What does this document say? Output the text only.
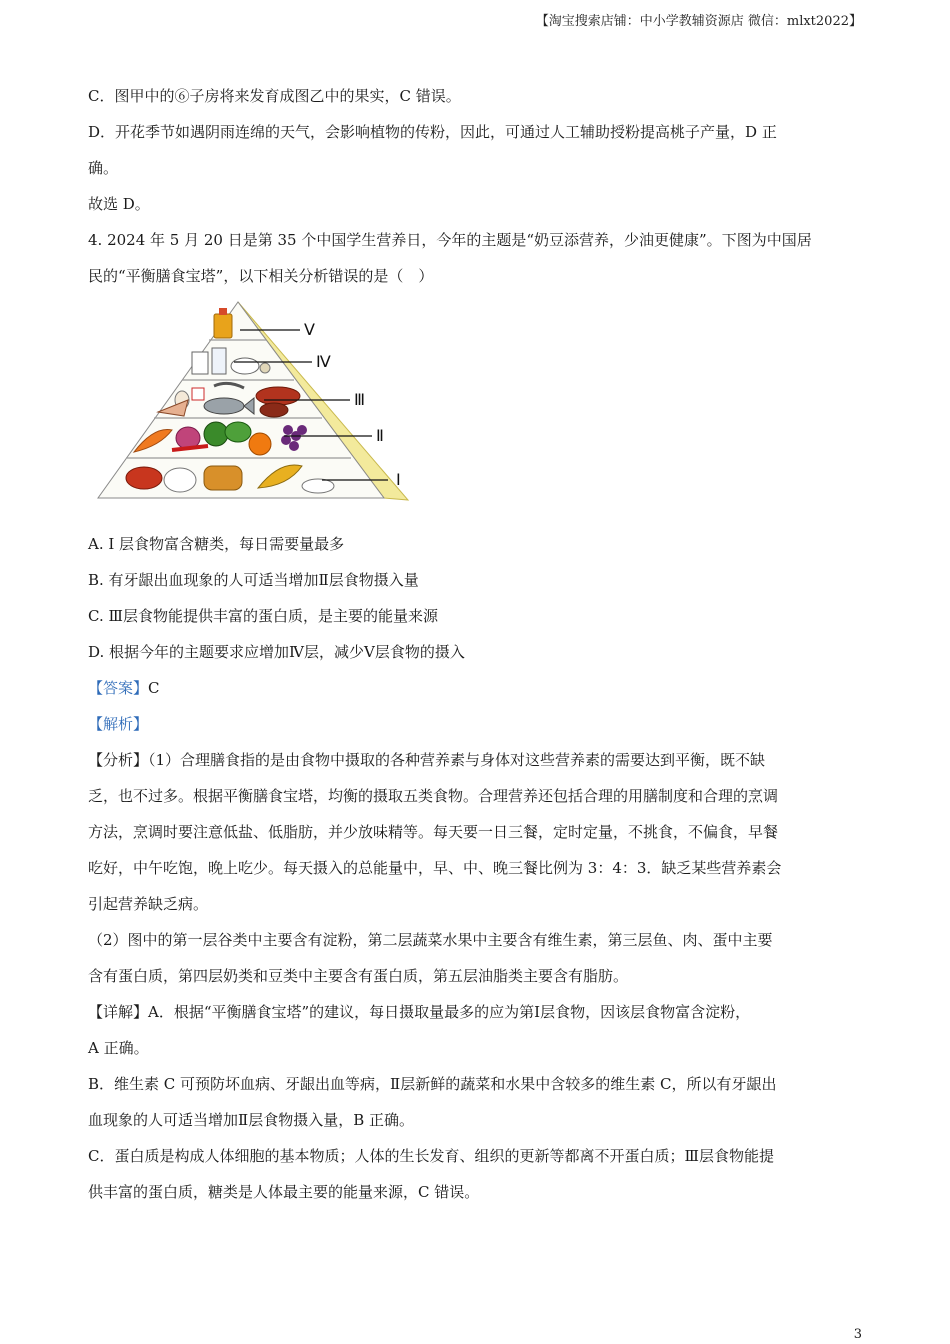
【淘宝搜索店铺：中小学教辅资源店 微信：mlxt2022】

C．图甲中的⑥子房将来发育成图乙中的果实，C 错误。

D．开花季节如遇阴雨连绵的天气，会影响植物的传粉，因此，可通过人工辅助授粉提高桃子产量，D 正

确。

故选 D。

4. 2024 年 5 月 20 日是第 35 个中国学生营养日，今年的主题是“奶豆添营养，少油更健康”。下图为中国居

民的“平衡膳食宝塔”，以下相关分析错误的是（　）

Ⅴ
Ⅳ
Ⅲ
Ⅱ
Ⅰ

A. Ⅰ 层食物富含糖类，每日需要量最多

B. 有牙龈出血现象的人可适当增加Ⅱ层食物摄入量

C. Ⅲ层食物能提供丰富的蛋白质，是主要的能量来源

D. 根据今年的主题要求应增加Ⅳ层，减少Ⅴ层食物的摄入

【答案】C

【解析】

【分析】（1）合理膳食指的是由食物中摄取的各种营养素与身体对这些营养素的需要达到平衡，既不缺

乏，也不过多。根据平衡膳食宝塔，均衡的摄取五类食物。合理营养还包括合理的用膳制度和合理的烹调

方法，烹调时要注意低盐、低脂肪，并少放味精等。每天要一日三餐，定时定量，不挑食，不偏食，早餐

吃好，中午吃饱，晚上吃少。每天摄入的总能量中，早、中、晚三餐比例为 3：4：3．缺乏某些营养素会

引起营养缺乏病。

（2）图中的第一层谷类中主要含有淀粉，第二层蔬菜水果中主要含有维生素，第三层鱼、肉、蛋中主要

含有蛋白质，第四层奶类和豆类中主要含有蛋白质，第五层油脂类主要含有脂肪。

【详解】A．根据“平衡膳食宝塔”的建议，每日摄取量最多的应为第Ⅰ层食物，因该层食物富含淀粉，

A 正确。

B．维生素 C 可预防坏血病、牙龈出血等病，Ⅱ层新鲜的蔬菜和水果中含较多的维生素 C，所以有牙龈出

血现象的人可适当增加Ⅱ层食物摄入量，B 正确。

C．蛋白质是构成人体细胞的基本物质；人体的生长发育、组织的更新等都离不开蛋白质；Ⅲ层食物能提

供丰富的蛋白质，糖类是人体最主要的能量来源，C 错误。

3
